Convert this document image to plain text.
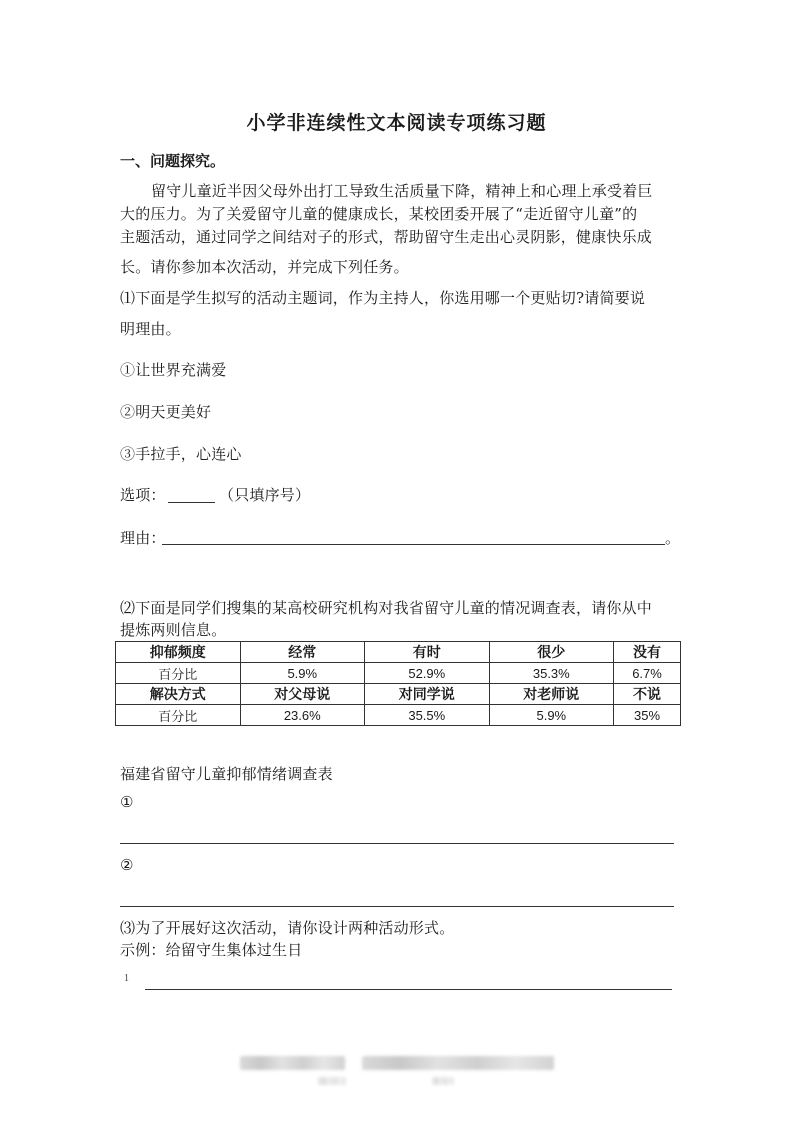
小学非连续性文本阅读专项练习题
一、问题探究。
留守儿童近半因父母外出打工导致生活质量下降，精神上和心理上承受着巨
大的压力。为了关爱留守儿童的健康成长，某校团委开展了“走近留守儿童”的
主题活动，通过同学之间结对子的形式，帮助留守生走出心灵阴影，健康快乐成
长。请你参加本次活动，并完成下列任务。
⑴下面是学生拟写的活动主题词，作为主持人，你选用哪一个更贴切?请简要说
明理由。
①让世界充满爱
②明天更美好
③手拉手，心连心
选项：	（只填序号）
理由：	。
⑵下面是同学们搜集的某高校研究机构对我省留守儿童的情况调查表，请你从中
提炼两则信息。
抑郁频度	经常	有时	很少	没有
百分比	5.9%	52.9%	35.3%	6.7%
解决方式	对父母说	对同学说	对老师说	不说
百分比	23.6%	35.5%	5.9%	35%
福建省留守儿童抑郁情绪调查表
①
②
⑶为了开展好这次活动，请你设计两种活动形式。
示例：给留守生集体过生日
1
